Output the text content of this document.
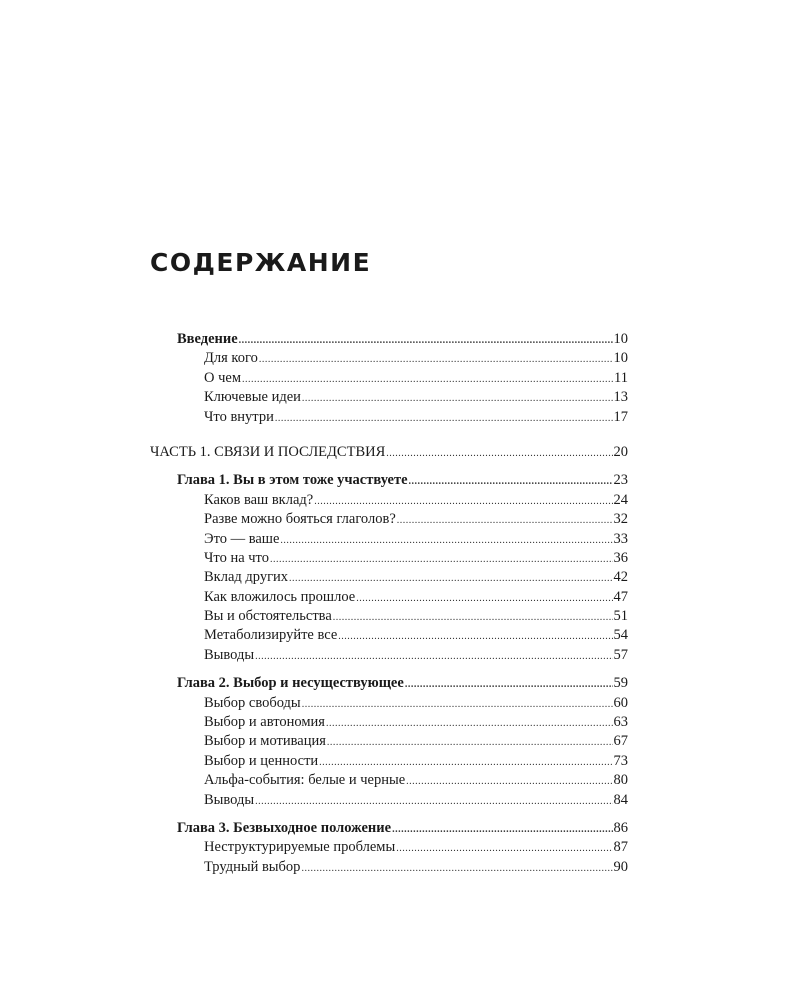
СОДЕРЖАНИЕ
Введение .....	10
Для кого .....	10
О чем .....	11
Ключевые идеи .....	13
Что внутри .....	17
ЧАСТЬ 1. СВЯЗИ И ПОСЛЕДСТВИЯ .....	20
Глава 1. Вы в этом тоже участвуете .....	23
Каков ваш вклад? .....	24
Разве можно бояться глаголов? .....	32
Это — ваше .....	33
Что на что .....	36
Вклад других .....	42
Как вложилось прошлое .....	47
Вы и обстоятельства .....	51
Метаболизируйте все .....	54
Выводы .....	57
Глава 2. Выбор и несуществующее .....	59
Выбор свободы .....	60
Выбор и автономия .....	63
Выбор и мотивация .....	67
Выбор и ценности .....	73
Альфа-события: белые и черные .....	80
Выводы .....	84
Глава 3. Безвыходное положение .....	86
Неструктурируемые проблемы .....	87
Трудный выбор .....	90
